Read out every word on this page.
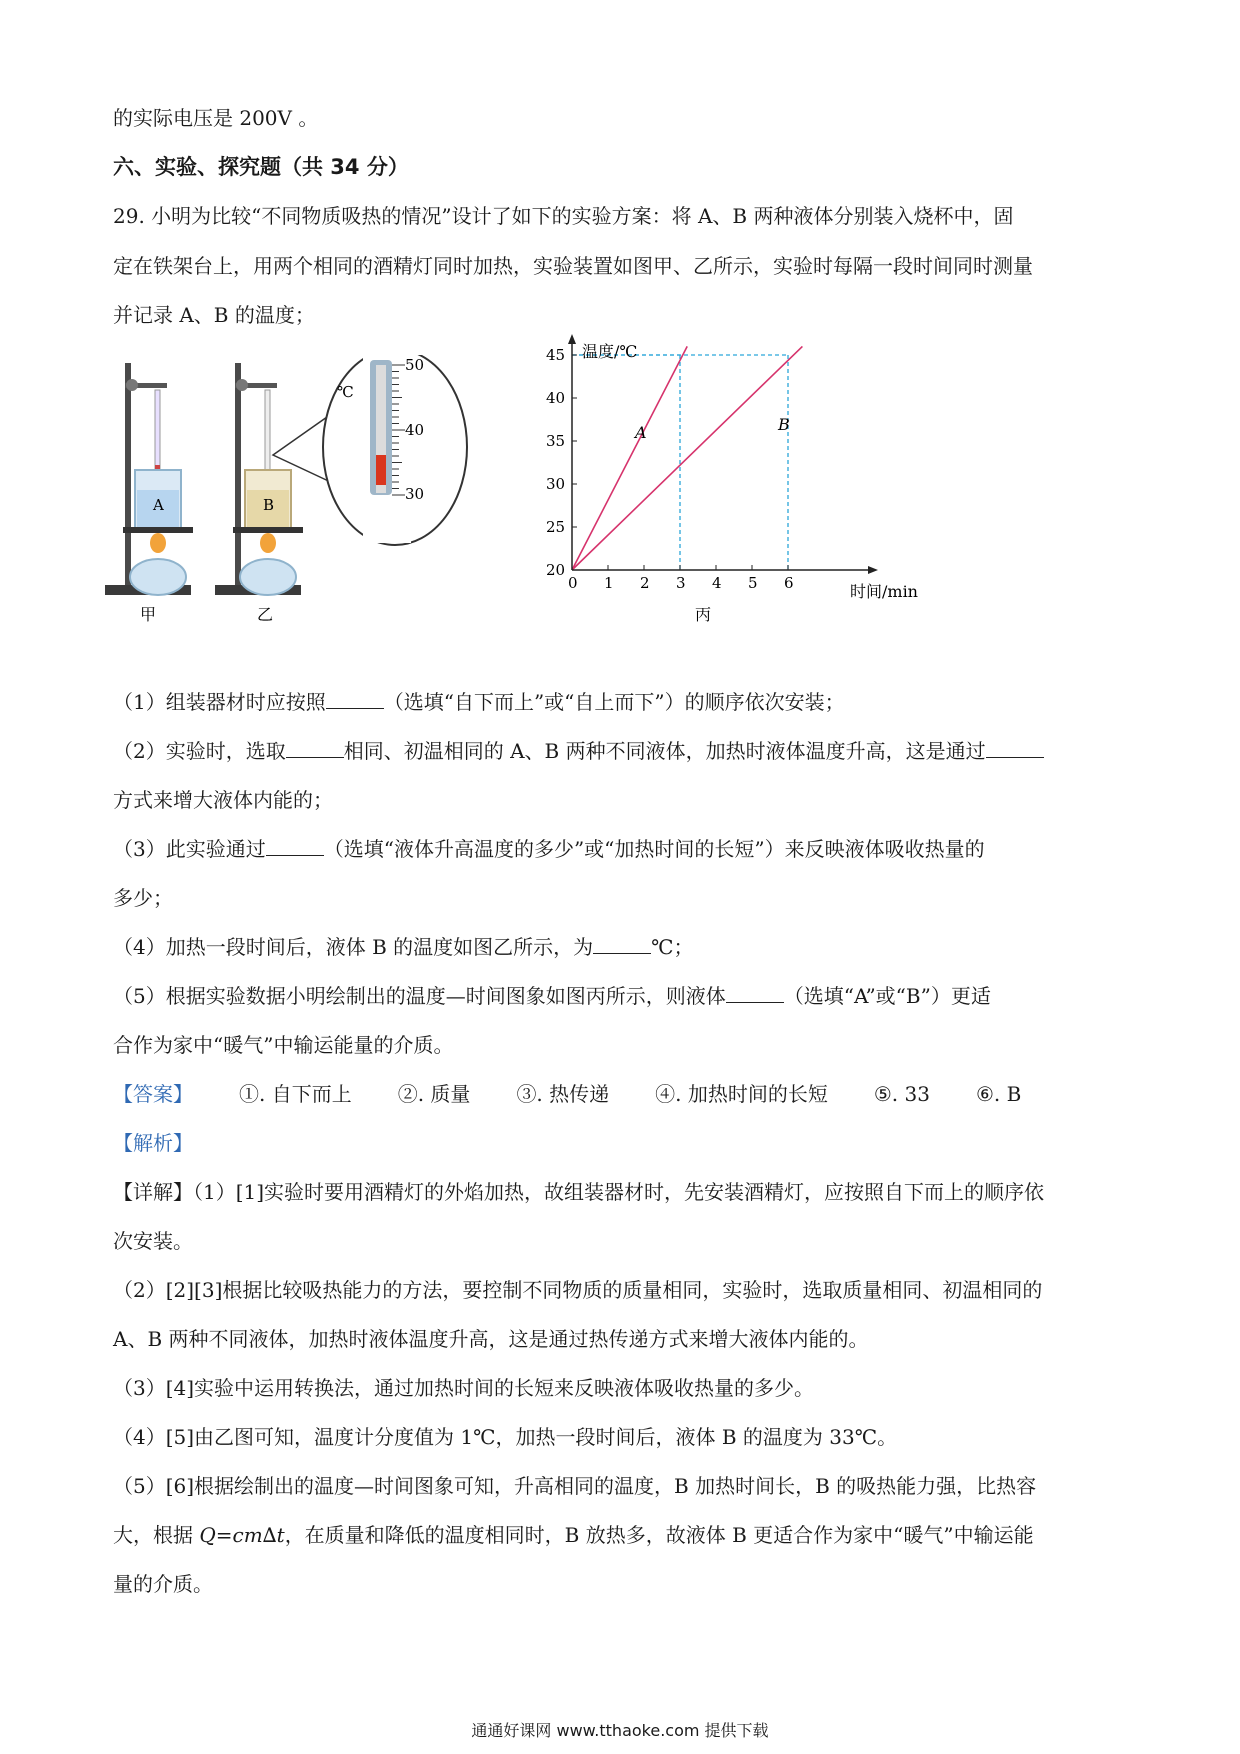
的实际电压是 200V 。
六、实验、探究题（共 34 分）
29. 小明为比较“不同物质吸热的情况”设计了如下的实验方案：将 A、B 两种液体分别装入烧杯中，固
定在铁架台上，用两个相同的酒精灯同时加热，实验装置如图甲、乙所示，实验时每隔一段时间同时测量
并记录 A、B 的温度；
A	B
℃
50
40
30
甲	乙
0 1 2 3 4 5 6
20
25
30
35
40
45 温度/℃
时间/min
A	B
丙
（1）组装器材时应按照	（选填“自下而上”或“自上而下”）的顺序依次安装；
（2）实验时，选取	相同、初温相同的 A、B 两种不同液体，加热时液体温度升高，这是通过
方式来增大液体内能的；
（3）此实验通过	（选填“液体升高温度的多少”或“加热时间的长短”）来反映液体吸收热量的
多少；
（4）加热一段时间后，液体 B 的温度如图乙所示，为	℃；
（5）根据实验数据小明绘制出的温度—时间图象如图丙所示，则液体	（选填“A”或“B”）更适
合作为家中“暖气”中输运能量的介质。
【答案】 ①. 自下而上 ②. 质量 ③. 热传递 ④. 加热时间的长短 ⑤. 33 ⑥. B
【解析】
【详解】（1）[1]实验时要用酒精灯的外焰加热，故组装器材时，先安装酒精灯，应按照自下而上的顺序依
次安装。
（2）[2][3]根据比较吸热能力的方法，要控制不同物质的质量相同，实验时，选取质量相同、初温相同的
A、B 两种不同液体，加热时液体温度升高，这是通过热传递方式来增大液体内能的。
（3）[4]实验中运用转换法，通过加热时间的长短来反映液体吸收热量的多少。
（4）[5]由乙图可知，温度计分度值为 1℃，加热一段时间后，液体 B 的温度为 33℃。
（5）[6]根据绘制出的温度—时间图象可知，升高相同的温度，B 加热时间长，B 的吸热能力强，比热容
大，根据 Q=cm∆t，在质量和降低的温度相同时，B 放热多，故液体 B 更适合作为家中“暖气”中输运能
量的介质。
通通好课网 www.tthaoke.com 提供下载
